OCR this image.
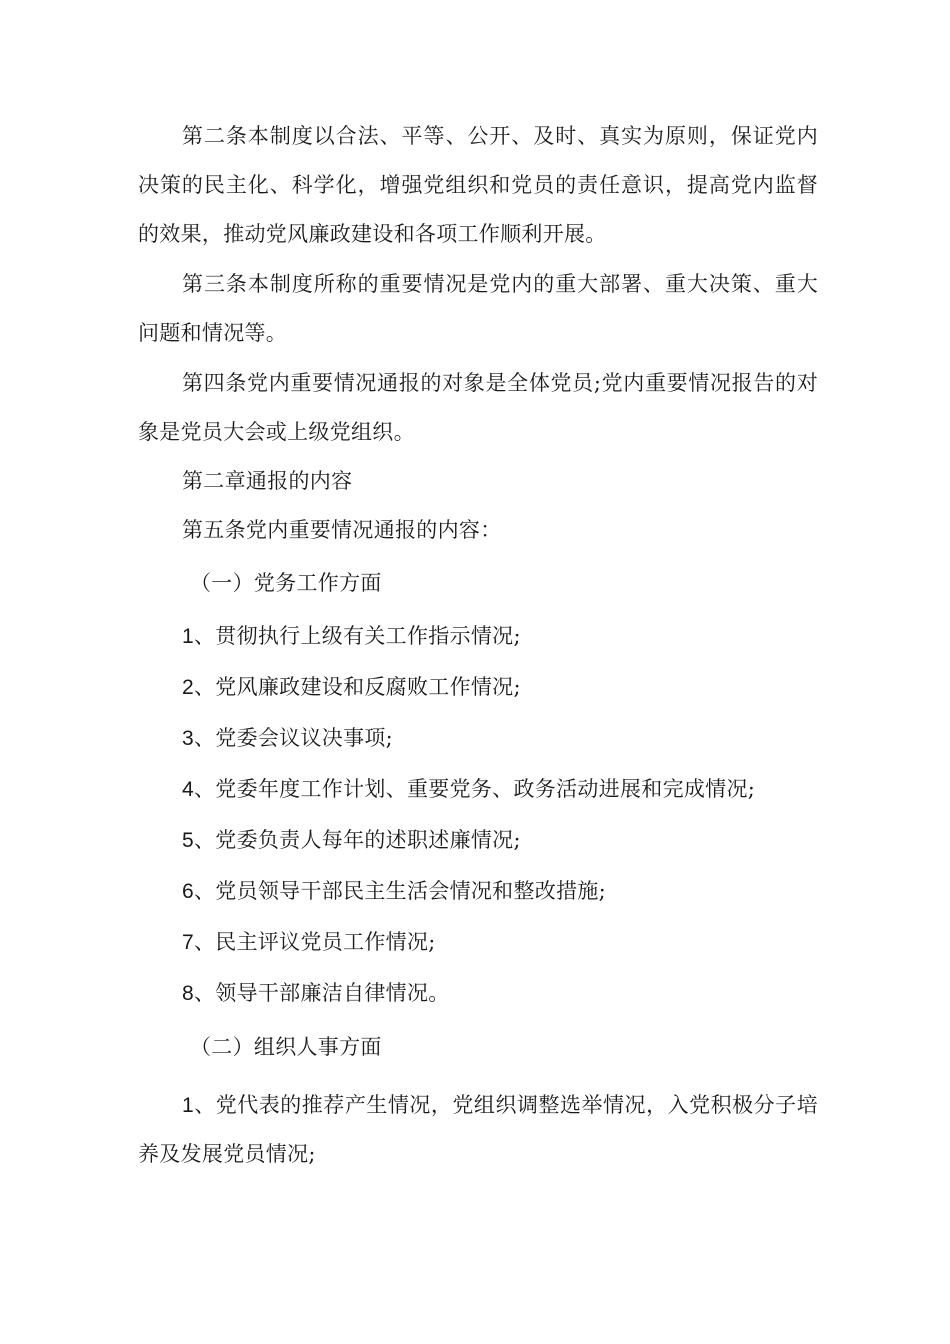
第二条本制度以合法、平等、公开、及时、真实为原则，保证党内决策的民主化、科学化，增强党组织和党员的责任意识，提高党内监督的效果，推动党风廉政建设和各项工作顺利开展。

第三条本制度所称的重要情况是党内的重大部署、重大决策、重大问题和情况等。

第四条党内重要情况通报的对象是全体党员;党内重要情况报告的对象是党员大会或上级党组织。

第二章通报的内容

第五条党内重要情况通报的内容：

（一）党务工作方面

1、贯彻执行上级有关工作指示情况;

2、党风廉政建设和反腐败工作情况;

3、党委会议议决事项;

4、党委年度工作计划、重要党务、政务活动进展和完成情况;

5、党委负责人每年的述职述廉情况;

6、党员领导干部民主生活会情况和整改措施;

7、民主评议党员工作情况;

8、领导干部廉洁自律情况。

（二）组织人事方面

1、党代表的推荐产生情况，党组织调整选举情况，入党积极分子培养及发展党员情况;
